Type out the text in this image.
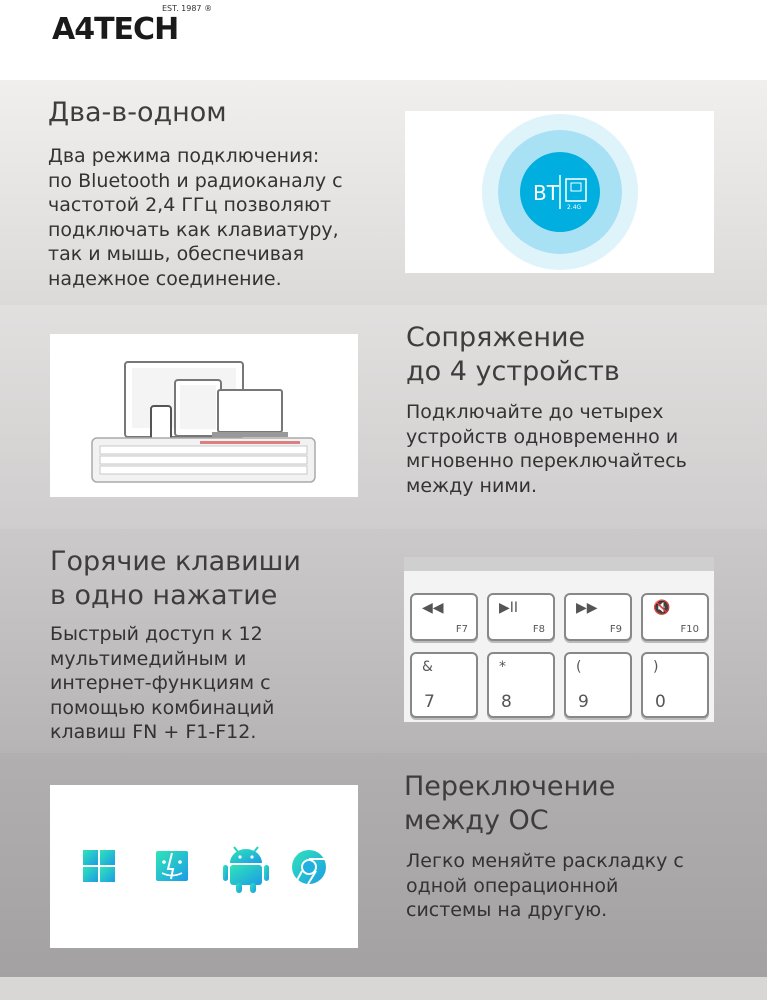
A4TECH
EST. 1987 ®
Два-в-одном
Два режима подключения:
по Bluetooth и радиоканалу с
частотой 2,4 ГГц позволяют
подключать как клавиатуру,
так и мышь, обеспечивая
надежное соединение.
BT
2.4G
Сопряжение
до 4 устройств
Подключайте до четырех
устройств одновременно и
мгновенно переключайтесь
между ними.
Горячие клавиши
в одно нажатие
Быстрый доступ к 12
мультимедийным и
интернет-функциям с
помощью комбинаций
клавиш FN + F1-F12.
◀◀
F7
▶II
F8
▶▶
F9
🔇
F10
&
7
*
8
(
9
)
0
Переключение
между ОС
Легко меняйте раскладку с
одной операционной
системы на другую.
